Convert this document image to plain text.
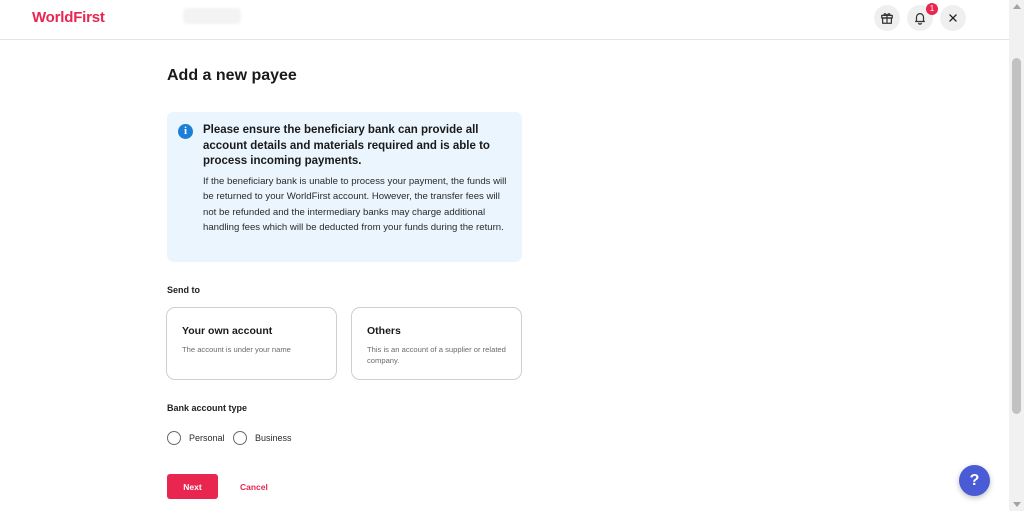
WorldFirst
1
Add a new payee
i	Please ensure the beneficiary bank can provide all account details and materials required and is able to process incoming payments.
If the beneficiary bank is unable to process your payment, the funds will be returned to your WorldFirst account. However, the transfer fees will not be refunded and the intermediary banks may charge additional handling fees which will be deducted from your funds during the return.
Send to
Your own account
The account is under your name
Others
This is an account of a supplier or related company.
Bank account type
Personal	Business
Next	Cancel	?
